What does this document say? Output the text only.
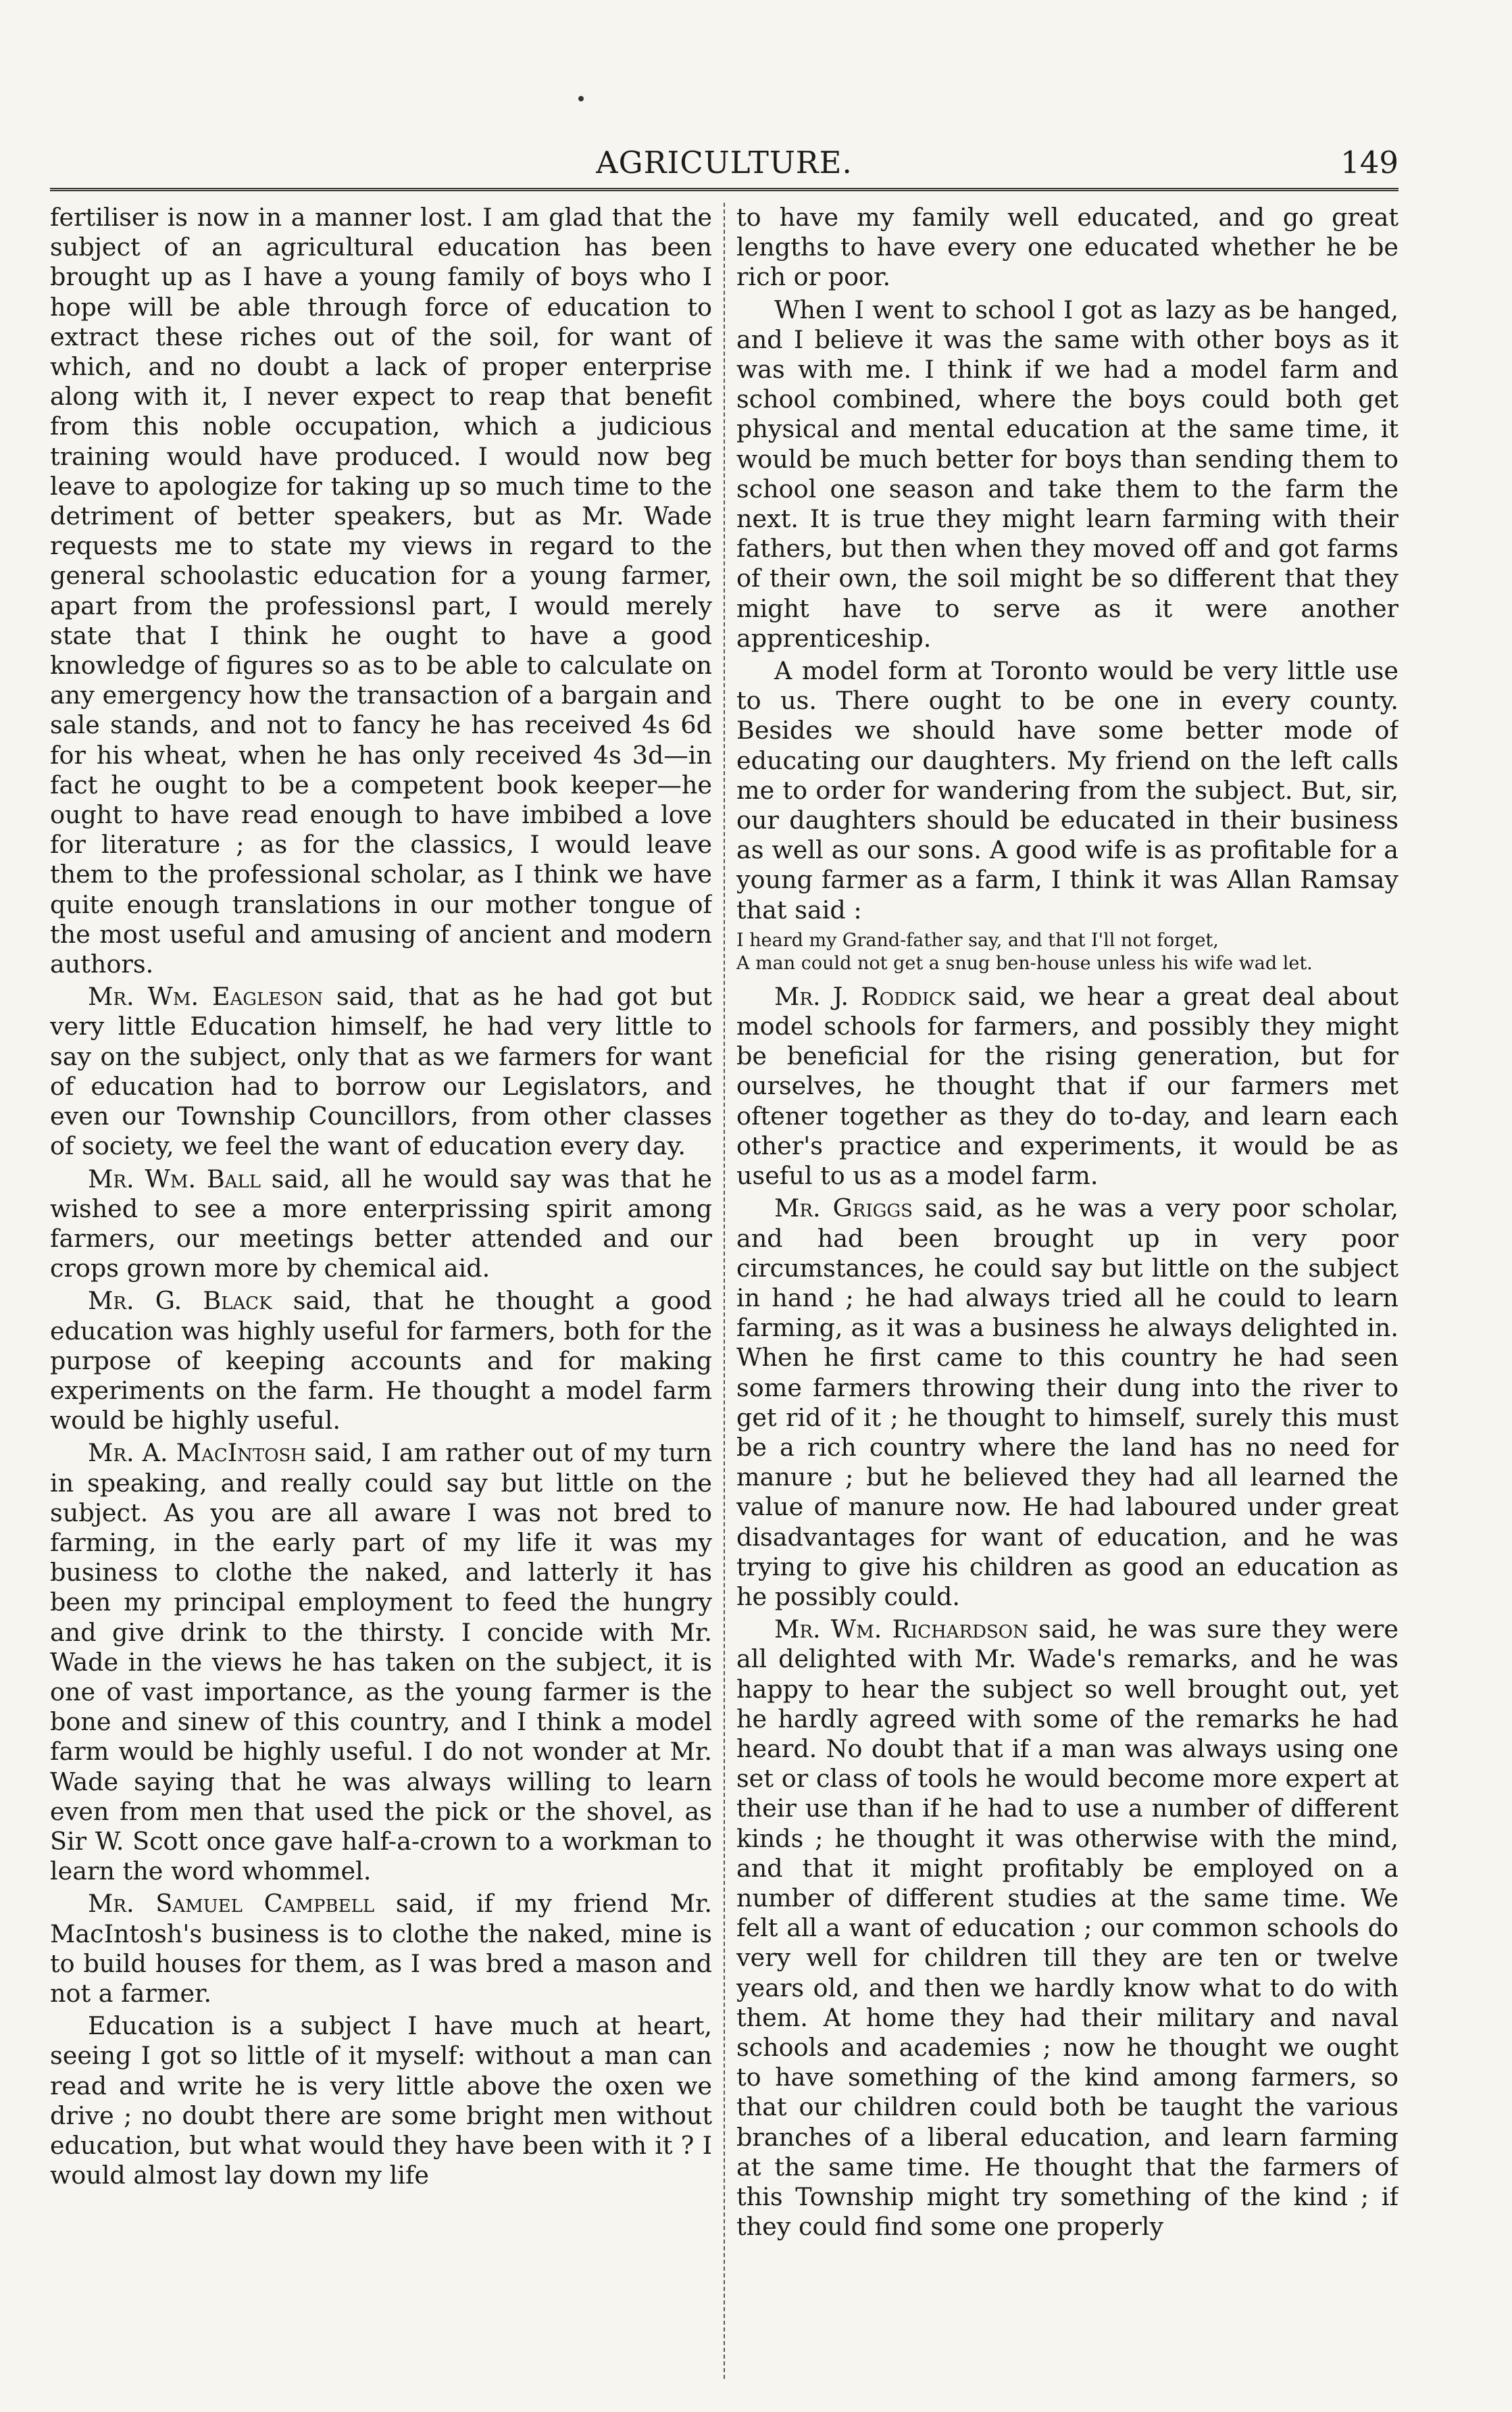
AGRICULTURE.	149

fertiliser is now in a manner lost. I am glad that the subject of an agricultural education has been brought up as I have a young family of boys who I hope will be able through force of education to extract these riches out of the soil, for want of which, and no doubt a lack of proper enterprise along with it, I never expect to reap that benefit from this noble occupation, which a judicious training would have produced. I would now beg leave to apologize for taking up so much time to the detriment of better speakers, but as Mr. Wade requests me to state my views in regard to the general schoolastic education for a young farmer, apart from the professionsl part, I would merely state that I think he ought to have a good knowledge of figures so as to be able to calculate on any emergency how the transaction of a bargain and sale stands, and not to fancy he has received 4s 6d for his wheat, when he has only received 4s 3d—in fact he ought to be a competent book keeper—he ought to have read enough to have imbibed a love for literature ; as for the classics, I would leave them to the professional scholar, as I think we have quite enough translations in our mother tongue of the most useful and amusing of ancient and modern authors.

Mr. Wm. Eagleson said, that as he had got but very little Education himself, he had very little to say on the subject, only that as we farmers for want of education had to borrow our Legislators, and even our Township Councillors, from other classes of society, we feel the want of education every day.

Mr. Wm. Ball said, all he would say was that he wished to see a more enterprissing spirit among farmers, our meetings better attended and our crops grown more by chemical aid.

Mr. G. Black said, that he thought a good education was highly useful for farmers, both for the purpose of keeping accounts and for making experiments on the farm. He thought a model farm would be highly useful.

Mr. A. MacIntosh said, I am rather out of my turn in speaking, and really could say but little on the subject. As you are all aware I was not bred to farming, in the early part of my life it was my business to clothe the naked, and latterly it has been my principal employment to feed the hungry and give drink to the thirsty. I concide with Mr. Wade in the views he has taken on the subject, it is one of vast importance, as the young farmer is the bone and sinew of this country, and I think a model farm would be highly useful. I do not wonder at Mr. Wade saying that he was always willing to learn even from men that used the pick or the shovel, as Sir W. Scott once gave half-a-crown to a workman to learn the word whommel.

Mr. Samuel Campbell said, if my friend Mr. MacIntosh's business is to clothe the naked, mine is to build houses for them, as I was bred a mason and not a farmer.

Education is a subject I have much at heart, seeing I got so little of it myself: without a man can read and write he is very little above the oxen we drive ; no doubt there are some bright men without education, but what would they have been with it ? I would almost lay down my life

to have my family well educated, and go great lengths to have every one educated whether he be rich or poor.

When I went to school I got as lazy as be hanged, and I believe it was the same with other boys as it was with me. I think if we had a model farm and school combined, where the boys could both get physical and mental education at the same time, it would be much better for boys than sending them to school one season and take them to the farm the next. It is true they might learn farming with their fathers, but then when they moved off and got farms of their own, the soil might be so different that they might have to serve as it were another apprenticeship.

A model form at Toronto would be very little use to us. There ought to be one in every county. Besides we should have some better mode of educating our daughters. My friend on the left calls me to order for wandering from the subject. But, sir, our daughters should be educated in their business as well as our sons. A good wife is as profitable for a young farmer as a farm, I think it was Allan Ramsay that said :

I heard my Grand-father say, and that I'll not forget,
A man could not get a snug ben-house unless his wife wad let.

Mr. J. Roddick said, we hear a great deal about model schools for farmers, and possibly they might be beneficial for the rising generation, but for ourselves, he thought that if our farmers met oftener together as they do to-day, and learn each other's practice and experiments, it would be as useful to us as a model farm.

Mr. Griggs said, as he was a very poor scholar, and had been brought up in very poor circumstances, he could say but little on the subject in hand ; he had always tried all he could to learn farming, as it was a business he always delighted in. When he first came to this country he had seen some farmers throwing their dung into the river to get rid of it ; he thought to himself, surely this must be a rich country where the land has no need for manure ; but he believed they had all learned the value of manure now. He had laboured under great disadvantages for want of education, and he was trying to give his children as good an education as he possibly could.

Mr. Wm. Richardson said, he was sure they were all delighted with Mr. Wade's remarks, and he was happy to hear the subject so well brought out, yet he hardly agreed with some of the remarks he had heard. No doubt that if a man was always using one set or class of tools he would become more expert at their use than if he had to use a number of different kinds ; he thought it was otherwise with the mind, and that it might profitably be employed on a number of different studies at the same time. We felt all a want of education ; our common schools do very well for children till they are ten or twelve years old, and then we hardly know what to do with them. At home they had their military and naval schools and academies ; now he thought we ought to have something of the kind among farmers, so that our children could both be taught the various branches of a liberal education, and learn farming at the same time. He thought that the farmers of this Township might try something of the kind ; if they could find some one properly
